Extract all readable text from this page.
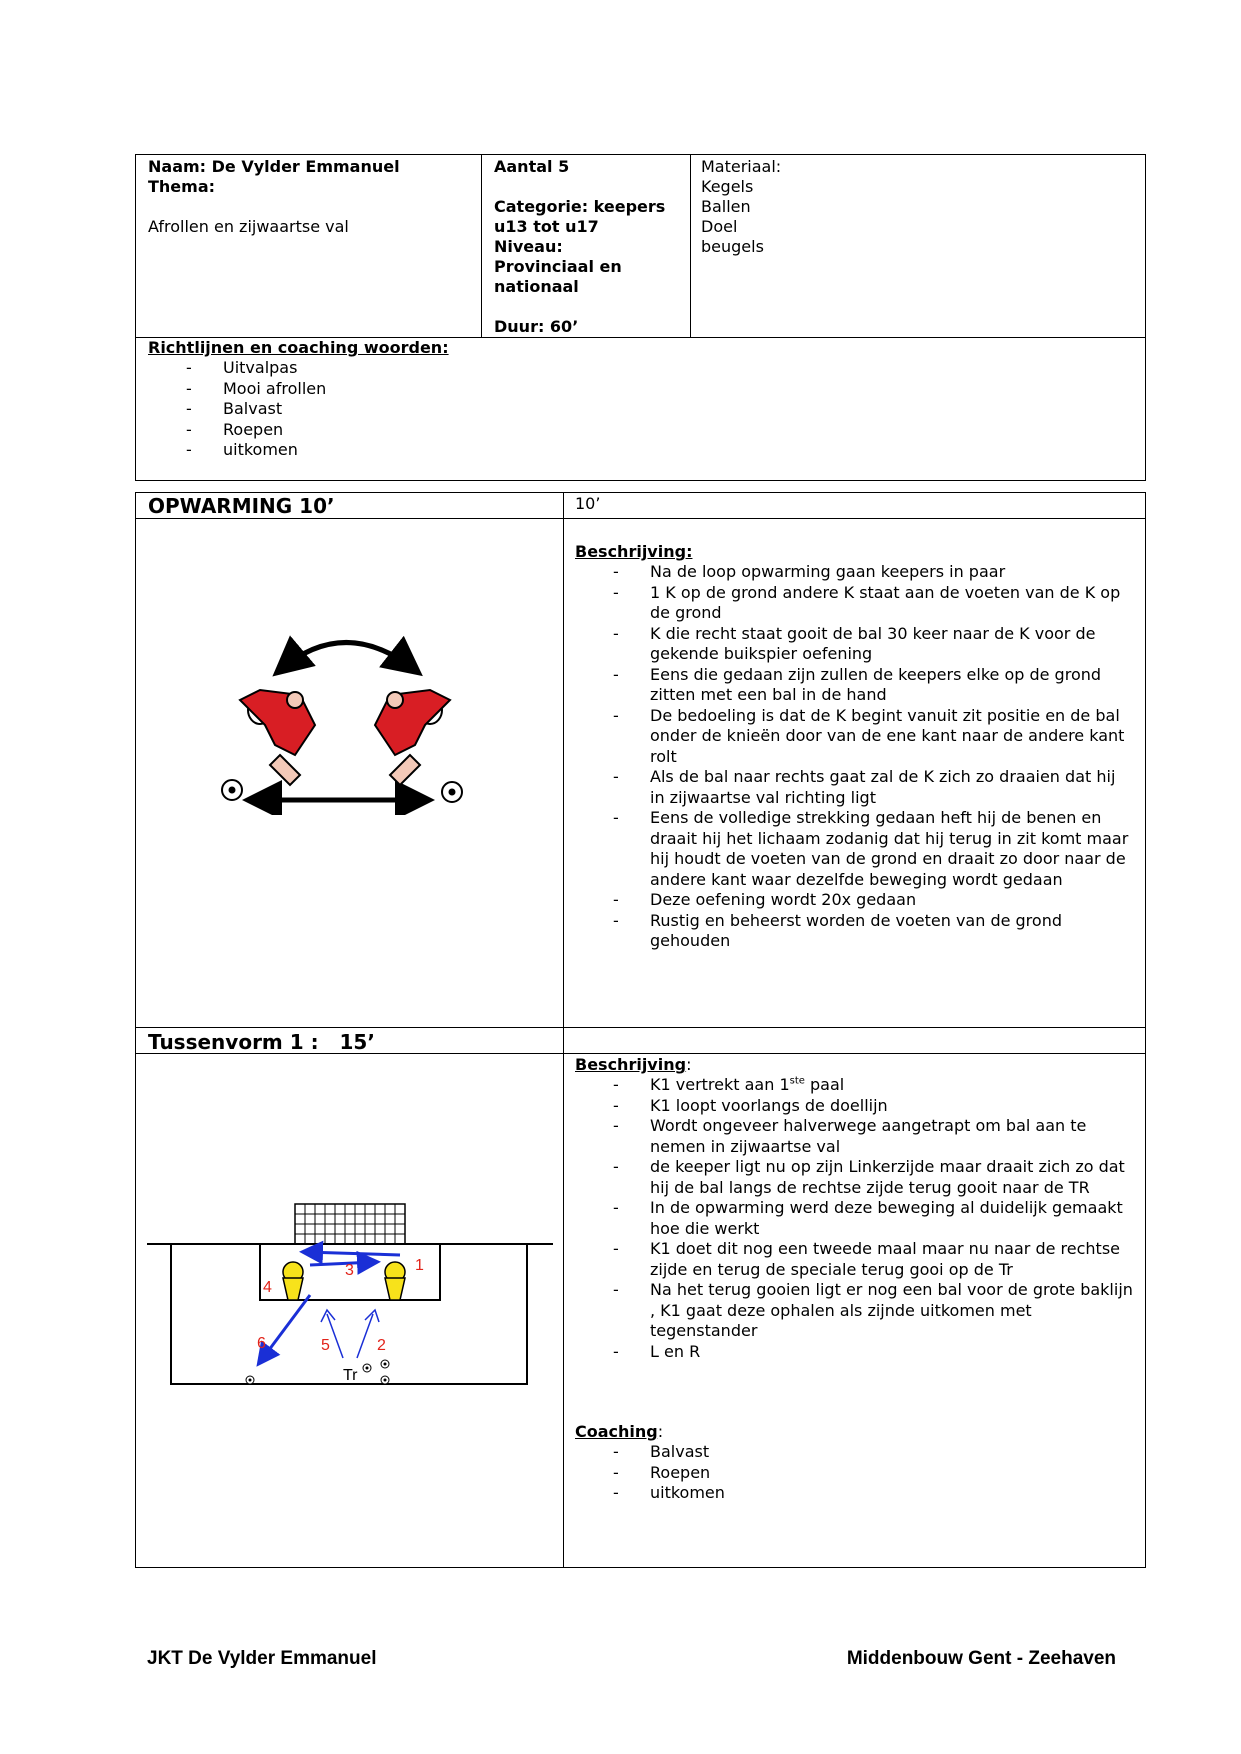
Naam: De Vylder Emmanuel
Thema:
Afrollen en zijwaartse val
Aantal 5
Categorie: keepers
u13 tot u17
Niveau:
Provinciaal en
nationaal
Duur: 60’
Materiaal:
Kegels
Ballen
Doel
beugels
Richtlijnen en coaching woorden:
- Uitvalpas
- Mooi afrollen
- Balvast
- Roepen
- uitkomen
OPWARMING 10’	10’
Beschrijving:
- Na de loop opwarming gaan keepers in paar
- 1 K op de grond andere K staat aan de voeten van de K op de grond
- K die recht staat gooit de bal 30 keer naar de K voor de gekende buikspier oefening
- Eens die gedaan zijn zullen de keepers elke op de grond zitten met een bal in de hand
- De bedoeling is dat de K begint vanuit zit positie en de bal onder de knieën door van de ene kant naar de andere kant rolt
- Als de bal naar rechts gaat zal de K zich zo draaien dat hij in zijwaartse val richting ligt
- Eens de volledige strekking gedaan heft hij de benen en draait hij het lichaam zodanig dat hij terug in zit komt maar hij houdt de voeten van de grond en draait zo door naar de andere kant waar dezelfde beweging wordt gedaan
- Deze oefening wordt 20x gedaan
- Rustig en beheerst worden de voeten van de grond gehouden
Tussenvorm 1 :   15’
1
2
3
4
5
6
Tr
Beschrijving:
- K1 vertrekt aan 1ste paal
- K1 loopt voorlangs de doellijn
- Wordt ongeveer halverwege aangetrapt om bal aan te nemen in zijwaartse val
- de keeper ligt nu op zijn Linkerzijde maar draait zich zo dat hij de bal langs de rechtse zijde terug gooit naar de TR
- In de opwarming werd deze beweging al duidelijk gemaakt hoe die werkt
- K1 doet dit nog een tweede maal maar nu naar de rechtse zijde en terug de speciale terug gooi op de Tr
- Na het terug gooien ligt er nog een bal voor de grote baklijn , K1 gaat deze ophalen als zijnde uitkomen met tegenstander
- L en R
Coaching:
- Balvast
- Roepen
- uitkomen
JKT De Vylder Emmanuel	Middenbouw Gent - Zeehaven
